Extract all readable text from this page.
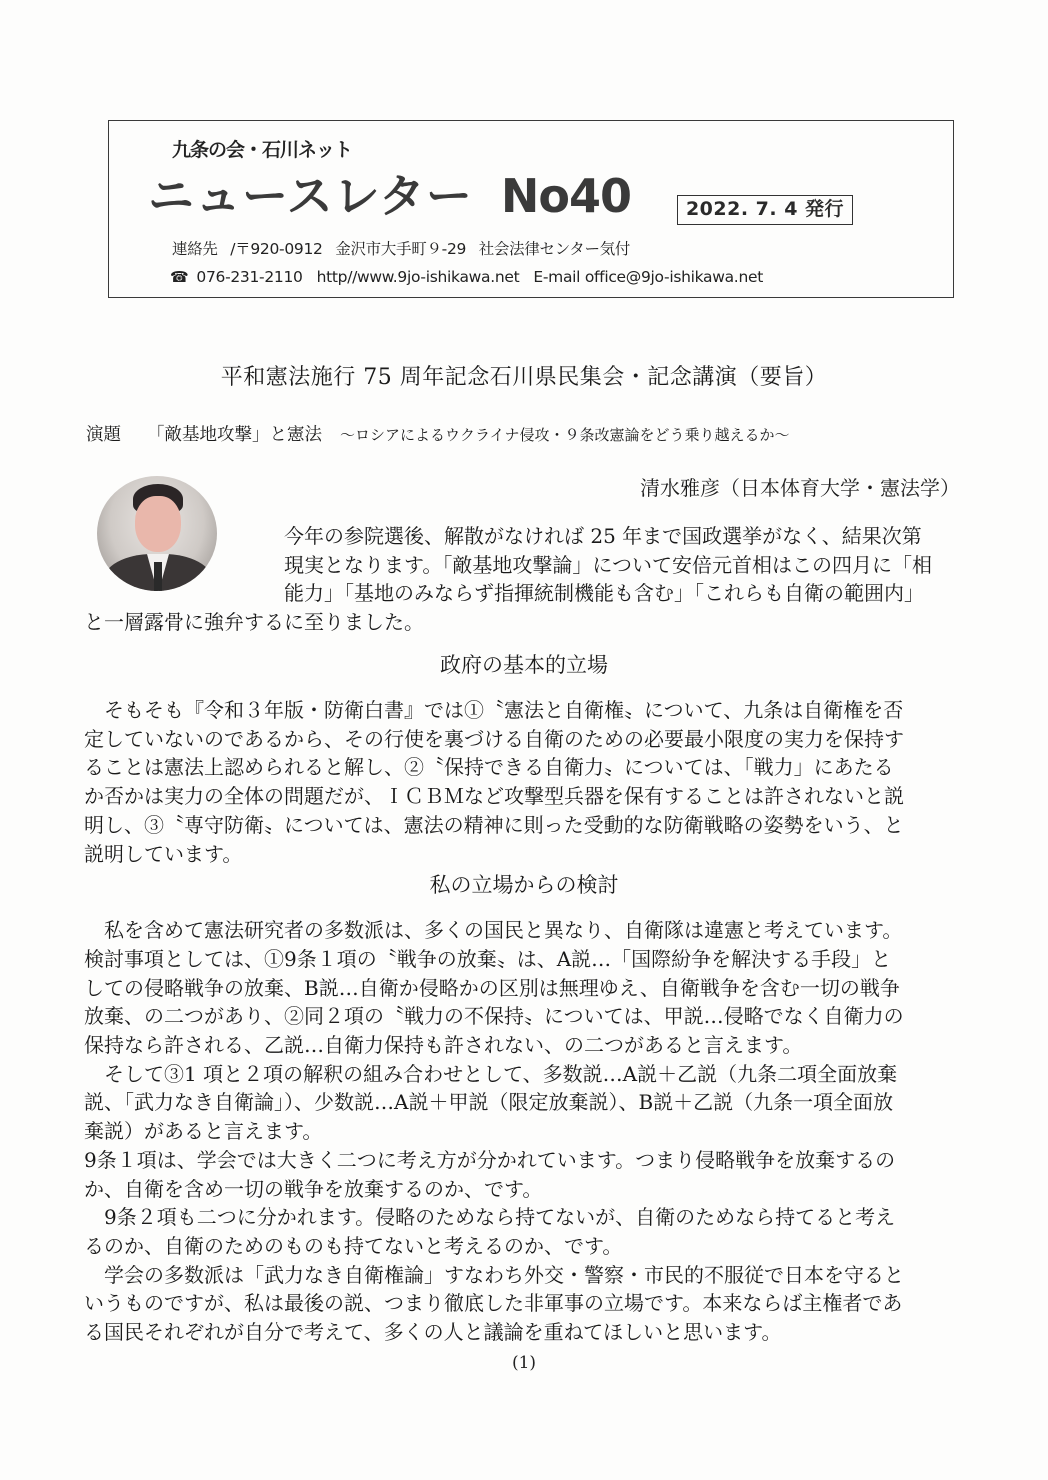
九条の会・石川ネット
ニュースレター No40	2022. 7. 4 発行
連絡先 /〒920-0912 金沢市大手町９-29 社会法律センター気付
☎ 076-231-2110 http//www.9jo-ishikawa.net E-mail office@9jo-ishikawa.net
平和憲法施行 75 周年記念石川県民集会・記念講演（要旨）
演題 「敵基地攻撃」と憲法 ～ロシアによるウクライナ侵攻・９条改憲論をどう乗り越えるか～
清水雅彦（日本体育大学・憲法学）
今年の参院選後、解散がなければ 25 年まで国政選挙がなく、結果次第
現実となります。「敵基地攻撃論」について安倍元首相はこの四月に「相
能力」「基地のみならず指揮統制機能も含む」「これらも自衛の範囲内」
と一層露骨に強弁するに至りました。
政府の基本的立場
　そもそも『令和３年版・防衛白書』では①〝憲法と自衛権〟について、九条は自衛権を否
定していないのであるから、その行使を裏づける自衛のための必要最小限度の実力を保持す
ることは憲法上認められると解し、②〝保持できる自衛力〟については、「戦力」にあたる
か否かは実力の全体の問題だが、ＩＣＢＭなど攻撃型兵器を保有することは許されないと説
明し、③〝専守防衛〟については、憲法の精神に則った受動的な防衛戦略の姿勢をいう、と
説明しています。
私の立場からの検討
　私を含めて憲法研究者の多数派は、多くの国民と異なり、自衛隊は違憲と考えています。
検討事項としては、①9条１項の〝戦争の放棄〟は、A説…「国際紛争を解決する手段」と
しての侵略戦争の放棄、B説…自衛か侵略かの区別は無理ゆえ、自衛戦争を含む一切の戦争
放棄、の二つがあり、②同２項の〝戦力の不保持〟については、甲説…侵略でなく自衛力の
保持なら許される、乙説…自衛力保持も許されない、の二つがあると言えます。
　そして③1 項と２項の解釈の組み合わせとして、多数説…A説＋乙説（九条二項全面放棄
説、「武力なき自衛論」）、少数説…A説＋甲説（限定放棄説）、B説＋乙説（九条一項全面放
棄説）があると言えます。
9条１項は、学会では大きく二つに考え方が分かれています。つまり侵略戦争を放棄するの
か、自衛を含め一切の戦争を放棄するのか、です。
　9条２項も二つに分かれます。侵略のためなら持てないが、自衛のためなら持てると考え
るのか、自衛のためのものも持てないと考えるのか、です。
　学会の多数派は「武力なき自衛権論」すなわち外交・警察・市民的不服従で日本を守ると
いうものですが、私は最後の説、つまり徹底した非軍事の立場です。本来ならば主権者であ
る国民それぞれが自分で考えて、多くの人と議論を重ねてほしいと思います。
(1)
